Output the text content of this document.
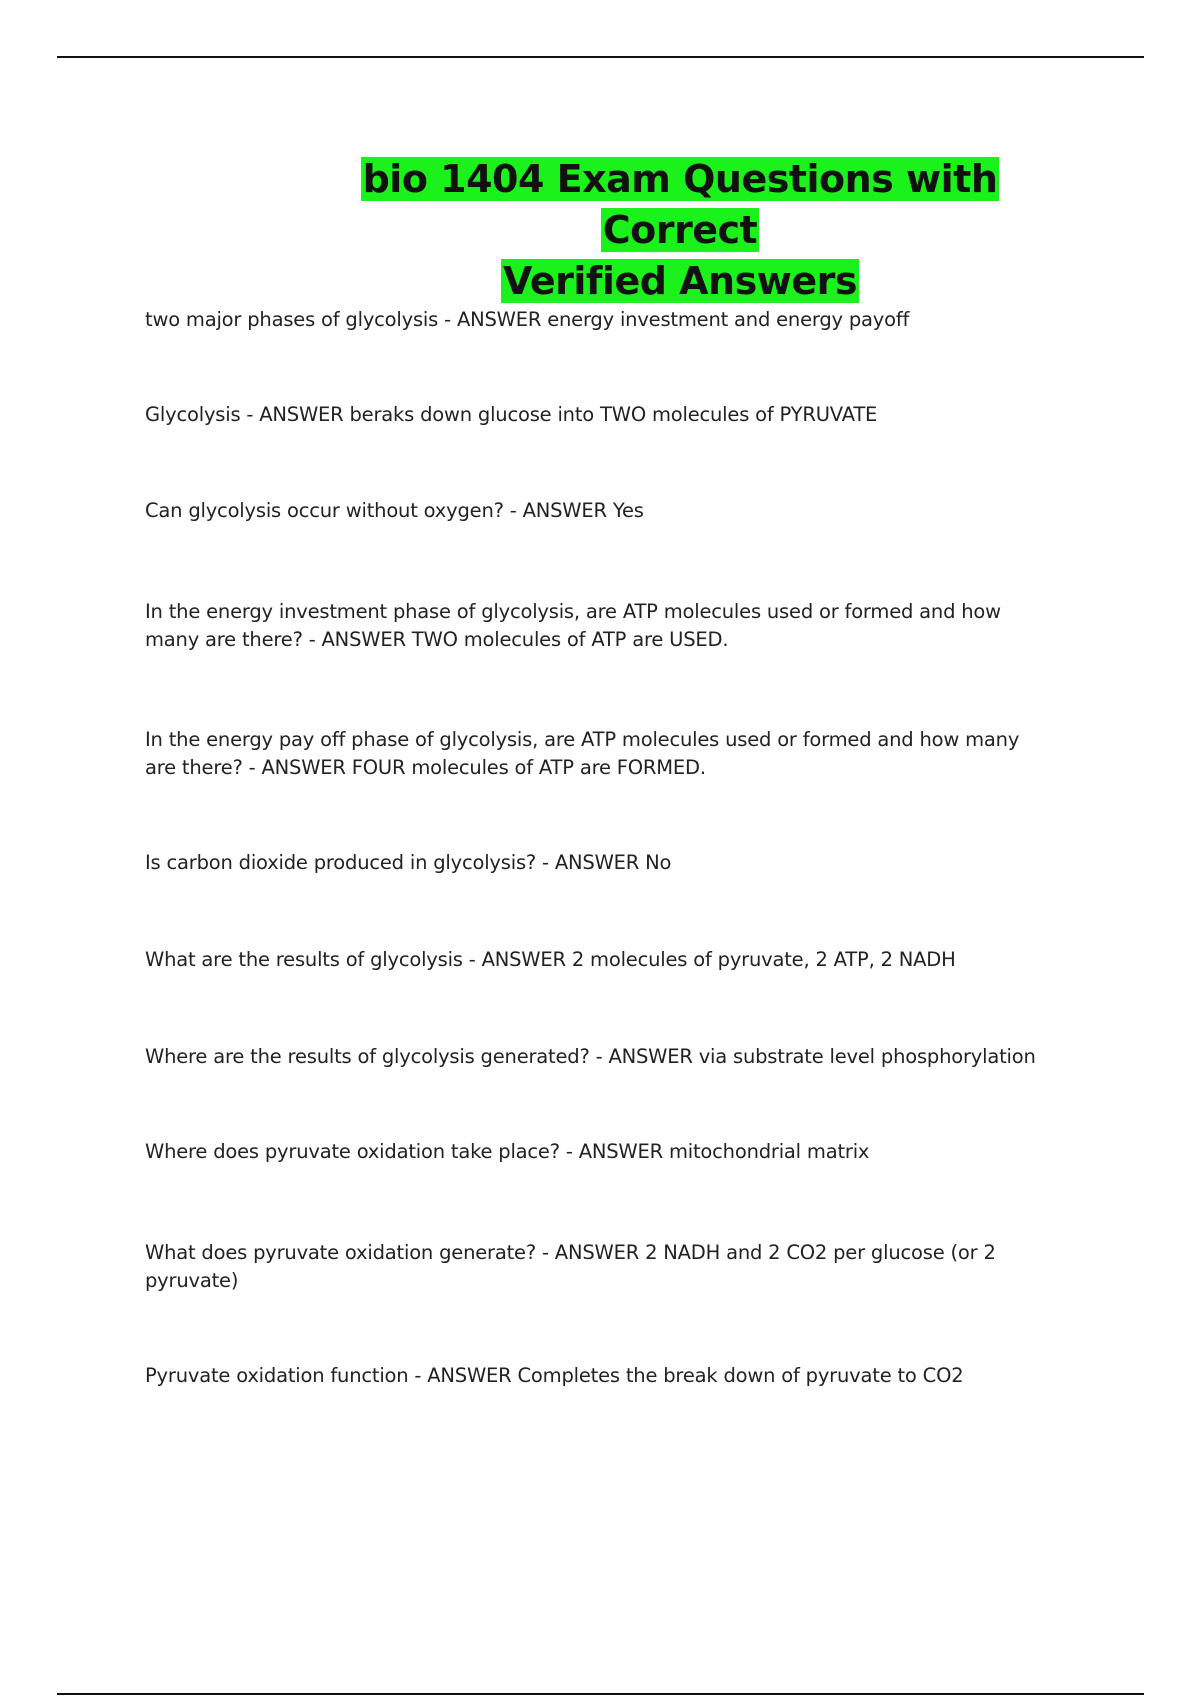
bio 1404 Exam Questions with Correct
Verified Answers
two major phases of glycolysis - ANSWER energy investment and energy payoff
Glycolysis - ANSWER beraks down glucose into TWO molecules of PYRUVATE
Can glycolysis occur without oxygen? - ANSWER Yes
In the energy investment phase of glycolysis, are ATP molecules used or formed and how many are there? - ANSWER TWO molecules of ATP are USED.
In the energy pay off phase of glycolysis, are ATP molecules used or formed and how many are there? - ANSWER FOUR molecules of ATP are FORMED.
Is carbon dioxide produced in glycolysis? - ANSWER No
What are the results of glycolysis - ANSWER 2 molecules of pyruvate, 2 ATP, 2 NADH
Where are the results of glycolysis generated? - ANSWER via substrate level phosphorylation
Where does pyruvate oxidation take place? - ANSWER mitochondrial matrix
What does pyruvate oxidation generate? - ANSWER 2 NADH and 2 CO2 per glucose (or 2 pyruvate)
Pyruvate oxidation function - ANSWER Completes the break down of pyruvate to CO2
